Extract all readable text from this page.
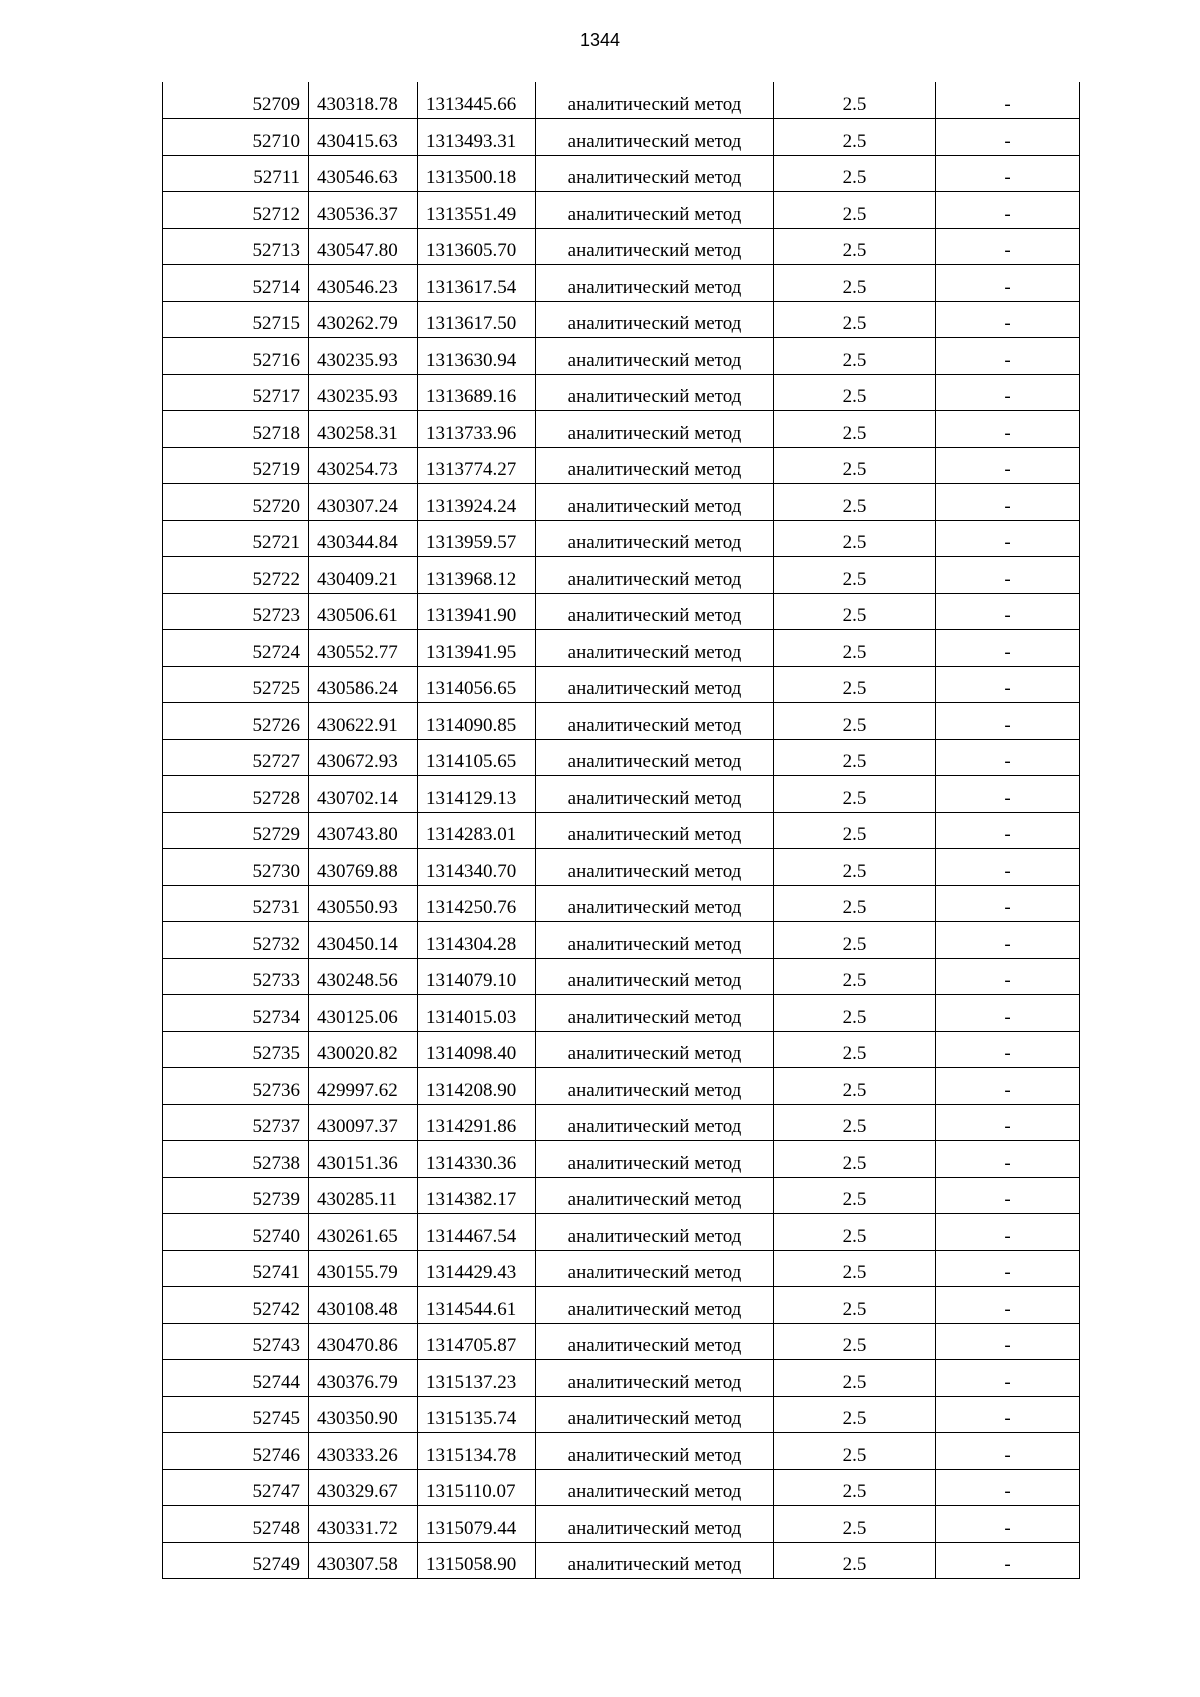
1344
52709	430318.78	1313445.66	аналитический метод	2.5	-
52710	430415.63	1313493.31	аналитический метод	2.5	-
52711	430546.63	1313500.18	аналитический метод	2.5	-
52712	430536.37	1313551.49	аналитический метод	2.5	-
52713	430547.80	1313605.70	аналитический метод	2.5	-
52714	430546.23	1313617.54	аналитический метод	2.5	-
52715	430262.79	1313617.50	аналитический метод	2.5	-
52716	430235.93	1313630.94	аналитический метод	2.5	-
52717	430235.93	1313689.16	аналитический метод	2.5	-
52718	430258.31	1313733.96	аналитический метод	2.5	-
52719	430254.73	1313774.27	аналитический метод	2.5	-
52720	430307.24	1313924.24	аналитический метод	2.5	-
52721	430344.84	1313959.57	аналитический метод	2.5	-
52722	430409.21	1313968.12	аналитический метод	2.5	-
52723	430506.61	1313941.90	аналитический метод	2.5	-
52724	430552.77	1313941.95	аналитический метод	2.5	-
52725	430586.24	1314056.65	аналитический метод	2.5	-
52726	430622.91	1314090.85	аналитический метод	2.5	-
52727	430672.93	1314105.65	аналитический метод	2.5	-
52728	430702.14	1314129.13	аналитический метод	2.5	-
52729	430743.80	1314283.01	аналитический метод	2.5	-
52730	430769.88	1314340.70	аналитический метод	2.5	-
52731	430550.93	1314250.76	аналитический метод	2.5	-
52732	430450.14	1314304.28	аналитический метод	2.5	-
52733	430248.56	1314079.10	аналитический метод	2.5	-
52734	430125.06	1314015.03	аналитический метод	2.5	-
52735	430020.82	1314098.40	аналитический метод	2.5	-
52736	429997.62	1314208.90	аналитический метод	2.5	-
52737	430097.37	1314291.86	аналитический метод	2.5	-
52738	430151.36	1314330.36	аналитический метод	2.5	-
52739	430285.11	1314382.17	аналитический метод	2.5	-
52740	430261.65	1314467.54	аналитический метод	2.5	-
52741	430155.79	1314429.43	аналитический метод	2.5	-
52742	430108.48	1314544.61	аналитический метод	2.5	-
52743	430470.86	1314705.87	аналитический метод	2.5	-
52744	430376.79	1315137.23	аналитический метод	2.5	-
52745	430350.90	1315135.74	аналитический метод	2.5	-
52746	430333.26	1315134.78	аналитический метод	2.5	-
52747	430329.67	1315110.07	аналитический метод	2.5	-
52748	430331.72	1315079.44	аналитический метод	2.5	-
52749	430307.58	1315058.90	аналитический метод	2.5	-
